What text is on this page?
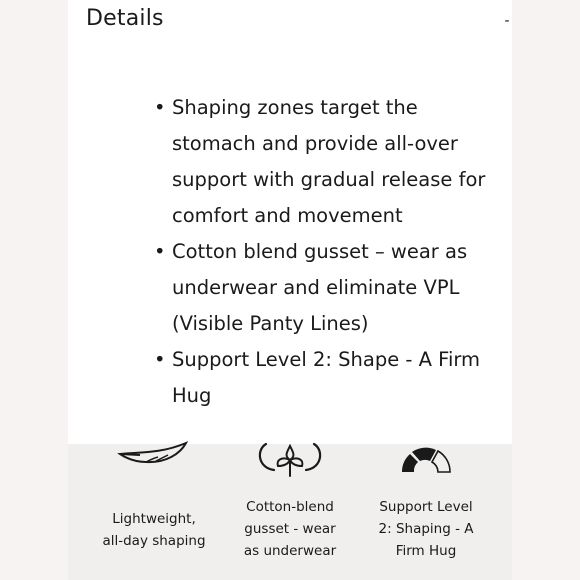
Details	-
• Shaping zones target the stomach and provide all-over support with gradual release for comfort and movement
• Cotton blend gusset – wear as underwear and eliminate VPL (Visible Panty Lines)
• Support Level 2: Shape - A Firm Hug
Lightweight,
all-day shaping
Cotton-blend
gusset - wear
as underwear
Support Level
2: Shaping - A
Firm Hug
